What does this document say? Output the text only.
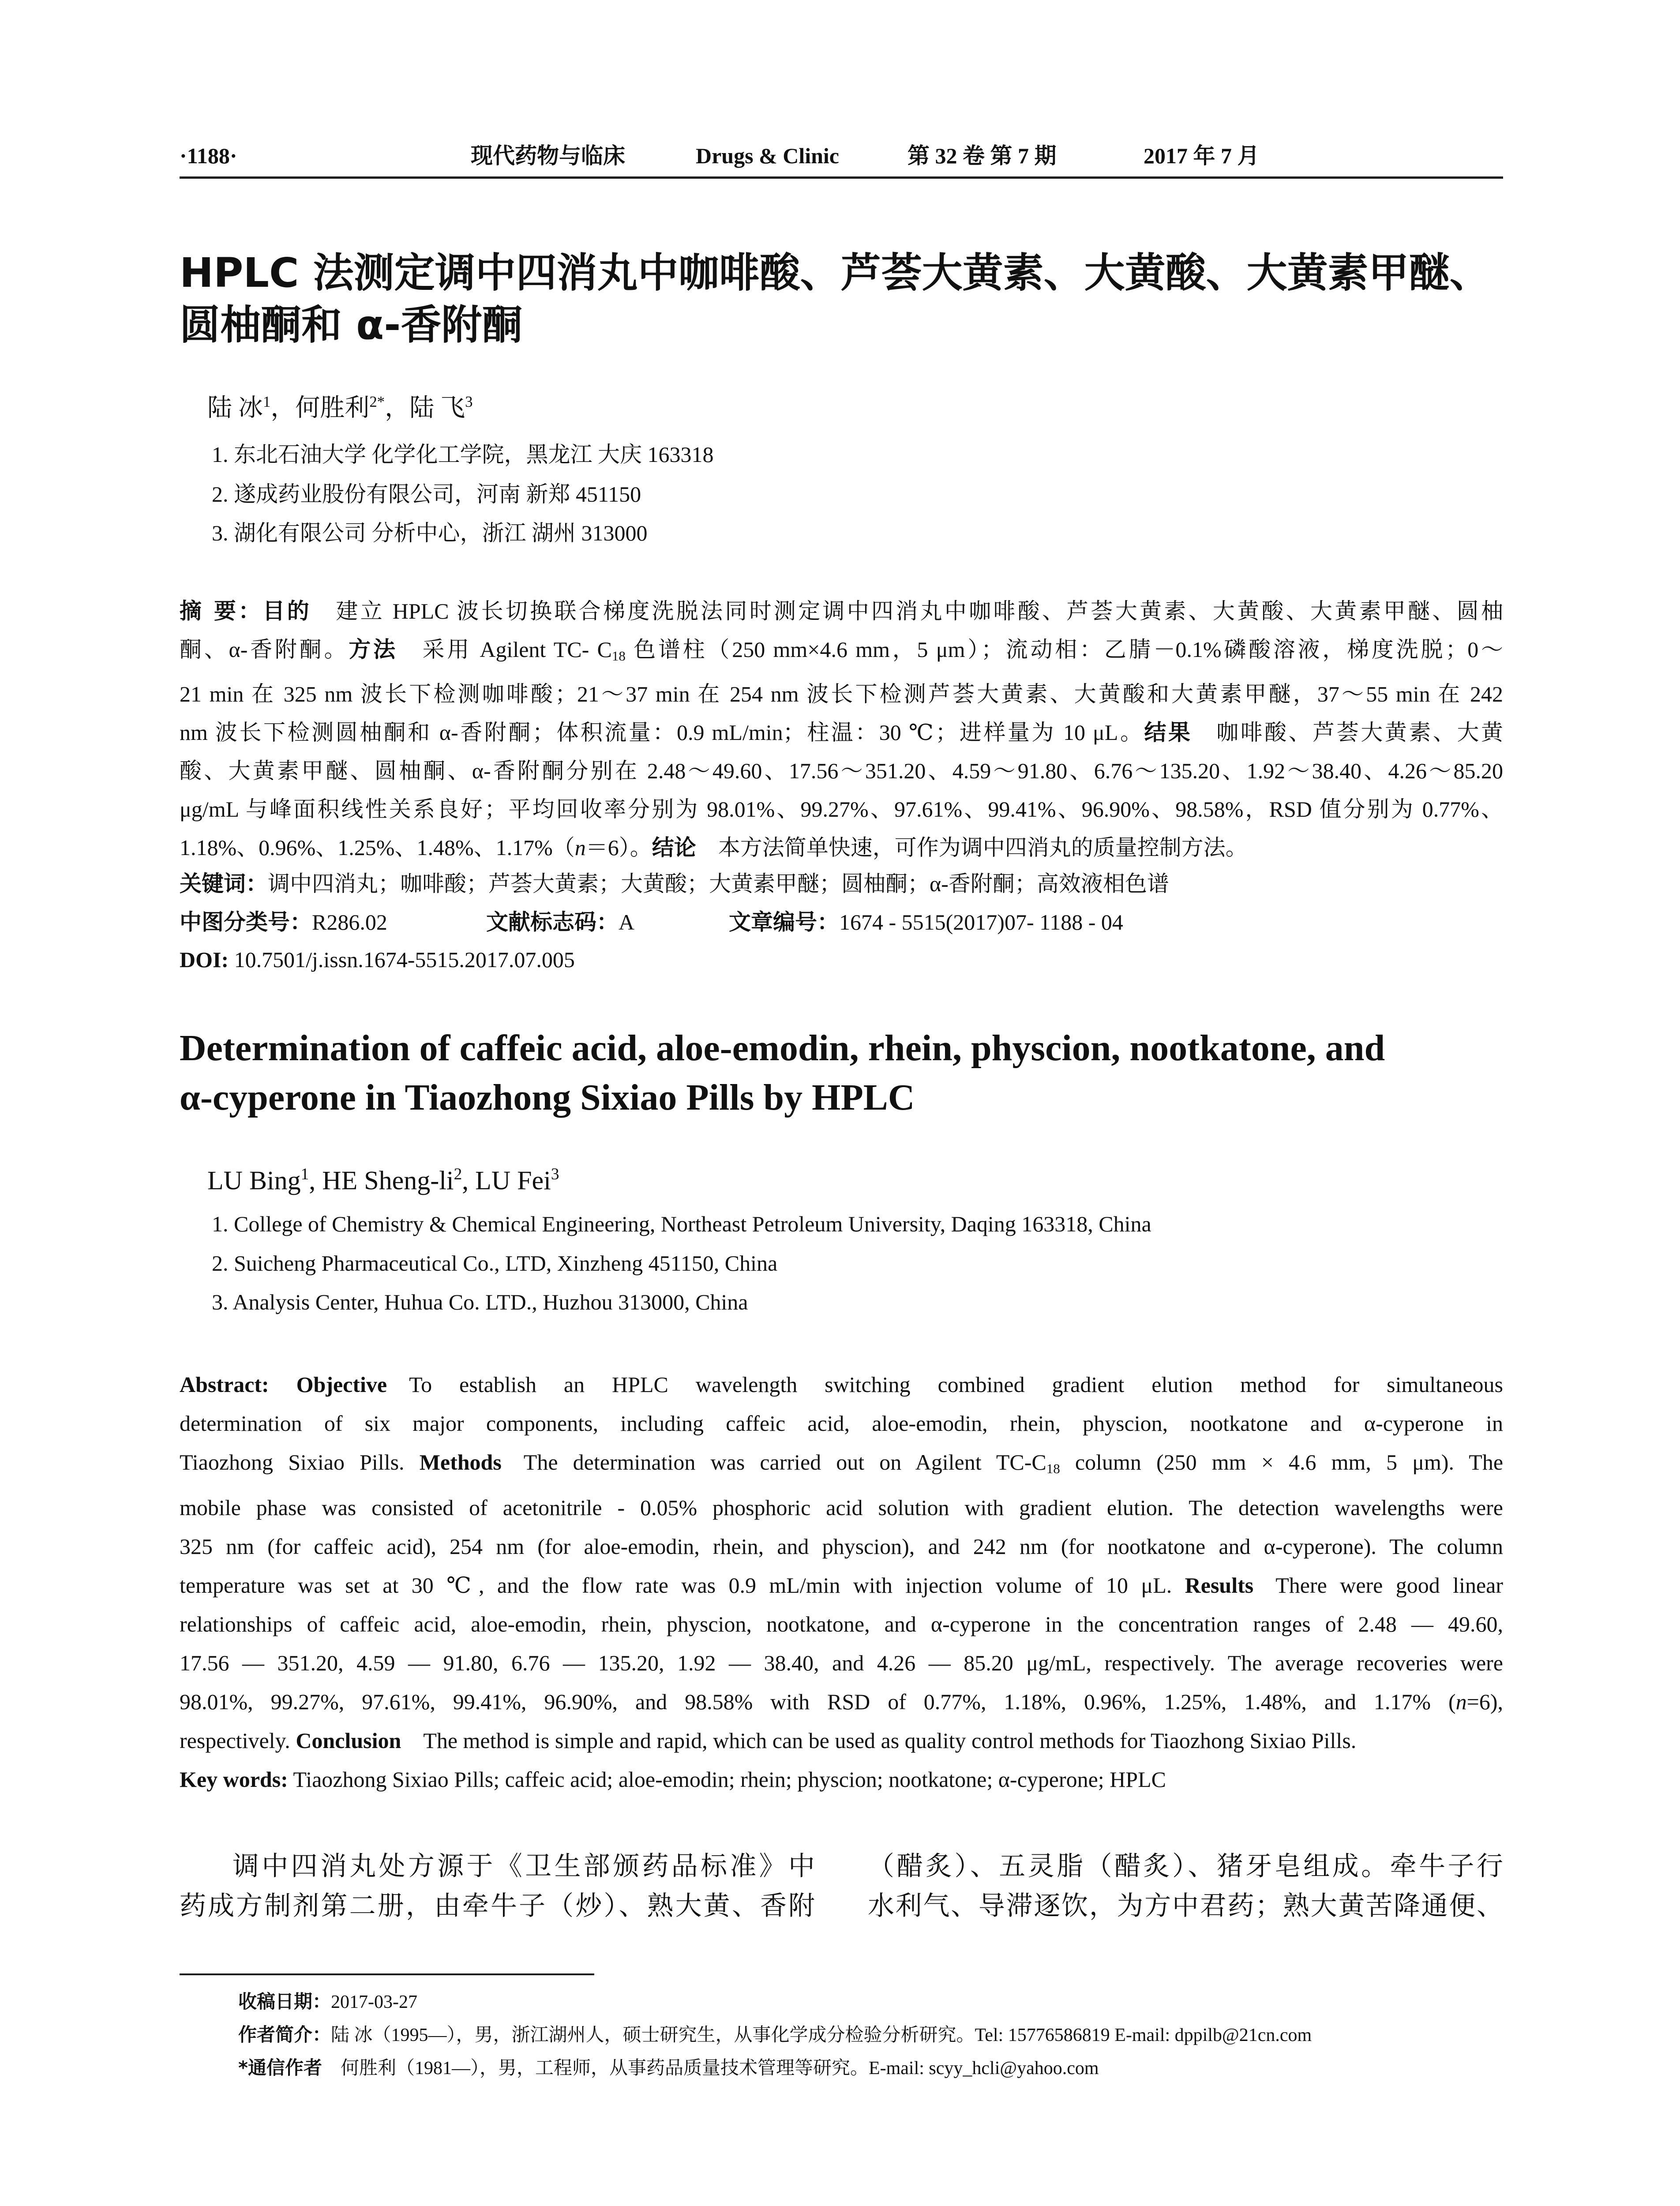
·1188·	现代药物与临床	Drugs & Clinic	第 32 卷 第 7 期	2017 年 7 月
HPLC 法测定调中四消丸中咖啡酸、芦荟大黄素、大黄酸、大黄素甲醚、
圆柚酮和 α-香附酮
陆 冰$^1$，何胜利$^{2*}$，陆 飞$^3$
1. 东北石油大学 化学化工学院，黑龙江 大庆 163318
2. 遂成药业股份有限公司，河南 新郑 451150
3. 湖化有限公司 分析中心，浙江 湖州 313000
摘 要：目的  建立 HPLC 波长切换联合梯度洗脱法同时测定调中四消丸中咖啡酸、芦荟大黄素、大黄酸、大黄素甲醚、圆柚
酮、α-香附酮。方法  采用 Agilent TC- $C_{18}$ 色谱柱（250 mm×4.6 mm，5 μm）；流动相：乙腈－0.1%磷酸溶液，梯度洗脱；0～
21 min 在 325 nm 波长下检测咖啡酸；21～37 min 在 254 nm 波长下检测芦荟大黄素、大黄酸和大黄素甲醚，37～55 min 在 242
nm 波长下检测圆柚酮和 α-香附酮；体积流量：0.9 mL/min；柱温：30 ℃；进样量为 10 μL。结果  咖啡酸、芦荟大黄素、大黄
酸、大黄素甲醚、圆柚酮、α-香附酮分别在 2.48～49.60、17.56～351.20、4.59～91.80、6.76～135.20、1.92～38.40、4.26～85.20
μg/mL 与峰面积线性关系良好；平均回收率分别为 98.01%、99.27%、97.61%、99.41%、96.90%、98.58%，RSD 值分别为 0.77%、
1.18%、0.96%、1.25%、1.48%、1.17%（n＝6）。结论  本方法简单快速，可作为调中四消丸的质量控制方法。
关键词：调中四消丸；咖啡酸；芦荟大黄素；大黄酸；大黄素甲醚；圆柚酮；α-香附酮；高效液相色谱
中图分类号：R286.02	文献标志码：A	文章编号：1674 - 5515(2017)07- 1188 - 04
DOI: 10.7501/j.issn.1674-5515.2017.07.005
Determination of caffeic acid, aloe-emodin, rhein, physcion, nootkatone, and
α-cyperone in Tiaozhong Sixiao Pills by HPLC
LU Bing$^1$, HE Sheng-$li^2$, LU Fei$^3$
1. College of Chemistry & Chemical Engineering, Northeast Petroleum University, Daqing 163318, China
2. Suicheng Pharmaceutical Co., LTD, Xinzheng 451150, China
3. Analysis Center, Huhua Co. LTD., Huzhou 313000, China
Abstract: Objective  To establish an HPLC wavelength switching combined gradient elution method for simultaneous
determination of six major components, including caffeic acid, aloe-emodin, rhein, physcion, nootkatone and α-cyperone in
Tiaozhong Sixiao Pills. Methods  The determination was carried out on Agilent $TC-C_{18}$ column (250 mm × 4.6 mm, 5 μm). The
mobile phase was consisted of acetonitrile - 0.05% phosphoric acid solution with gradient elution. The detection wavelengths were
325 nm (for caffeic acid), 254 nm (for aloe-emodin, rhein, and physcion), and 242 nm (for nootkatone and α-cyperone). The column
temperature was set at 30 ℃, and the flow rate was 0.9 mL/min with injection volume of 10 μL. Results  There were good linear
relationships of caffeic acid, aloe-emodin, rhein, physcion, nootkatone, and α-cyperone in the concentration ranges of 2.48 — 49.60,
17.56 — 351.20, 4.59 — 91.80, 6.76 — 135.20, 1.92 — 38.40, and 4.26 — 85.20 μg/mL, respectively. The average recoveries were
98.01%, 99.27%, 97.61%, 99.41%, 96.90%, and 98.58% with RSD of 0.77%, 1.18%, 0.96%, 1.25%, 1.48%, and 1.17% (n=6),
respectively. Conclusion  The method is simple and rapid, which can be used as quality control methods for Tiaozhong Sixiao Pills.
Key words: Tiaozhong Sixiao Pills; caffeic acid; aloe-emodin; rhein; physcion; nootkatone; α-cyperone; HPLC
调中四消丸处方源于《卫生部颁药品标准》中
药成方制剂第二册，由牵牛子（炒）、熟大黄、香附
（醋炙）、五灵脂（醋炙）、猪牙皂组成。牵牛子行
水利气、导滞逐饮，为方中君药；熟大黄苦降通便、
收稿日期：2017-03-27
作者简介：陆 冰（1995—），男，浙江湖州人，硕士研究生，从事化学成分检验分析研究。Tel: 15776586819 E-mail: dppilb@21cn.com
*通信作者  何胜利（1981—），男，工程师，从事药品质量技术管理等研究。E-mail: scyy_hcli@yahoo.com
